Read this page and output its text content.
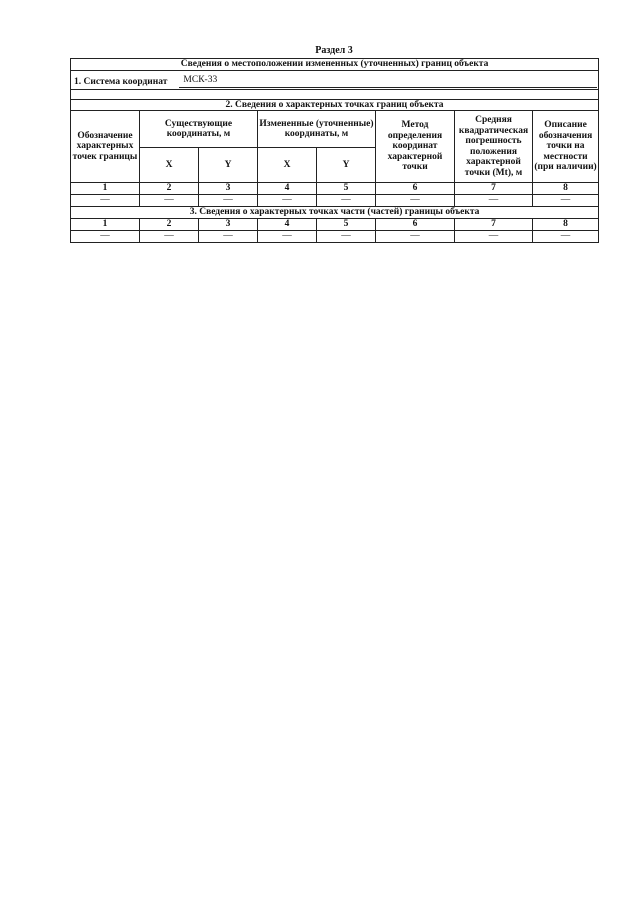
Раздел 3
Сведения о местоположении измененных (уточненных) границ объекта							

1. Система координат МСК-33							

2. Сведения о характерных точках границ объекта							
Обозначение характерных точек границы	Существующие координаты, м		Измененные (уточненные) координаты, м		Метод определения координат характерной точки	Средняя квадратическая погрешность положения характерной точки (Мt), м	Описание обозначения точки на местности (при наличии)
	X	Y	X	Y			
1	2	3	4	5	6	7	8
—	—	—	—	—	—	—	—
3. Сведения о характерных точках части (частей) границы объекта							
1	2	3	4	5	6	7	8
—	—	—	—	—	—	—	—
